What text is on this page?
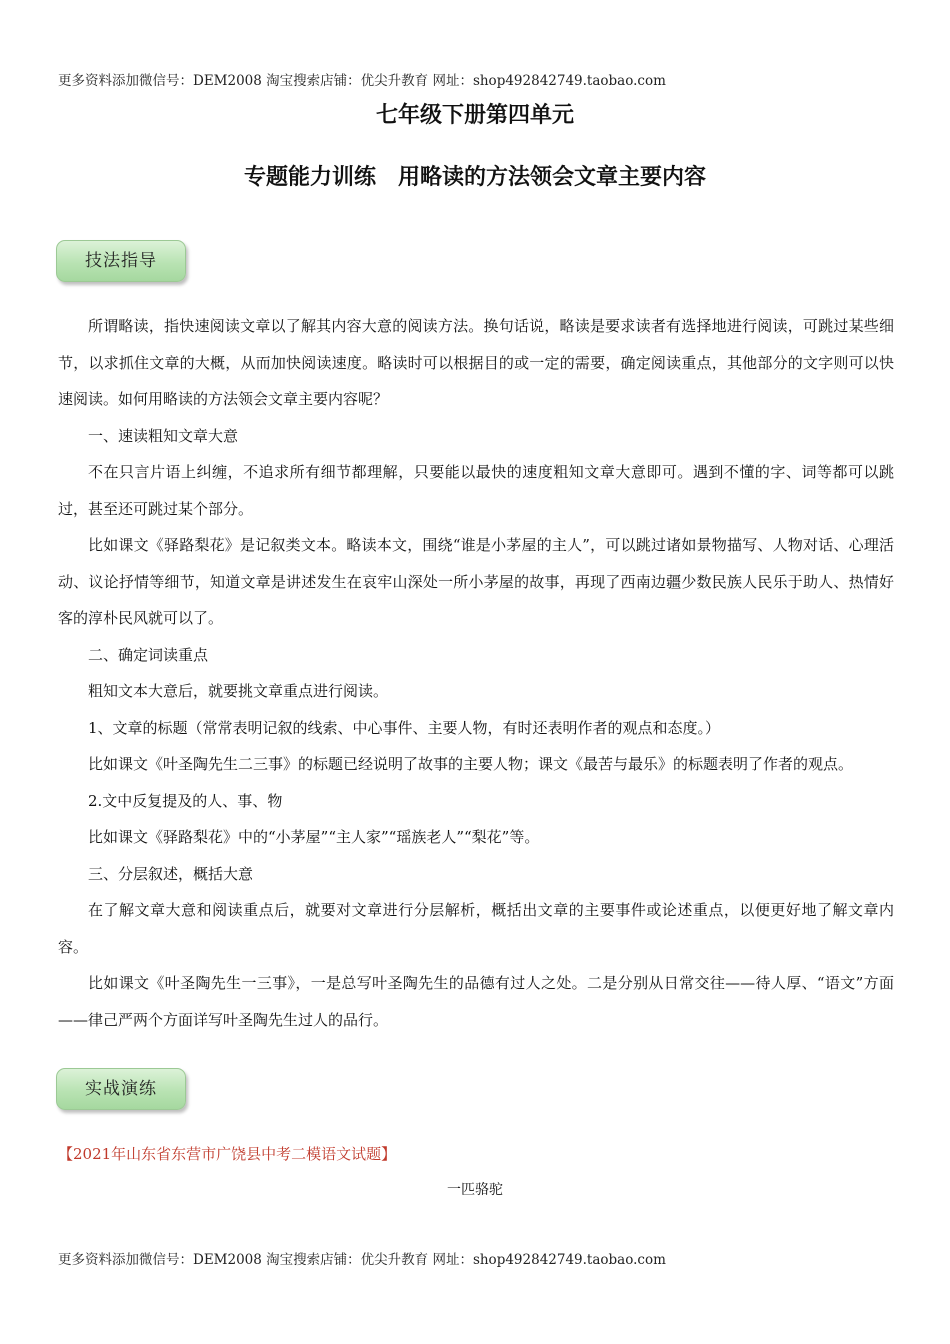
更多资料添加微信号：DEM2008 淘宝搜索店铺：优尖升教育 网址：shop492842749.taobao.com
七年级下册第四单元
专题能力训练　用略读的方法领会文章主要内容
技法指导

所谓略读，指快速阅读文章以了解其内容大意的阅读方法。换句话说，略读是要求读者有选择地进行阅读，可跳过某些细节，以求抓住文章的大概，从而加快阅读速度。略读时可以根据目的或一定的需要，确定阅读重点，其他部分的文字则可以快速阅读。如何用略读的方法领会文章主要内容呢？

一、速读粗知文章大意

不在只言片语上纠缠，不追求所有细节都理解，只要能以最快的速度粗知文章大意即可。遇到不懂的字、词等都可以跳过，甚至还可跳过某个部分。

比如课文《驿路梨花》是记叙类文本。略读本文，围绕“谁是小茅屋的主人”，可以跳过诸如景物描写、人物对话、心理活动、议论抒情等细节，知道文章是讲述发生在哀牢山深处一所小茅屋的故事，再现了西南边疆少数民族人民乐于助人、热情好客的淳朴民风就可以了。

二、确定词读重点

粗知文本大意后，就要挑文章重点进行阅读。

1、文章的标题（常常表明记叙的线索、中心事件、主要人物，有时还表明作者的观点和态度。）

比如课文《叶圣陶先生二三事》的标题已经说明了故事的主要人物；课文《最苦与最乐》的标题表明了作者的观点。

2.文中反复提及的人、事、物

比如课文《驿路梨花》中的“小茅屋”“主人家”“瑶族老人”“梨花”等。

三、分层叙述，概括大意

在了解文章大意和阅读重点后，就要对文章进行分层解析，概括出文章的主要事件或论述重点，以便更好地了解文章内容。

比如课文《叶圣陶先生一三事》，一是总写叶圣陶先生的品德有过人之处。二是分别从日常交往——待人厚、“语文”方面——律己严两个方面详写叶圣陶先生过人的品行。

实战演练
【2021年山东省东营市广饶县中考二模语文试题】
一匹骆驼
更多资料添加微信号：DEM2008 淘宝搜索店铺：优尖升教育 网址：shop492842749.taobao.com
